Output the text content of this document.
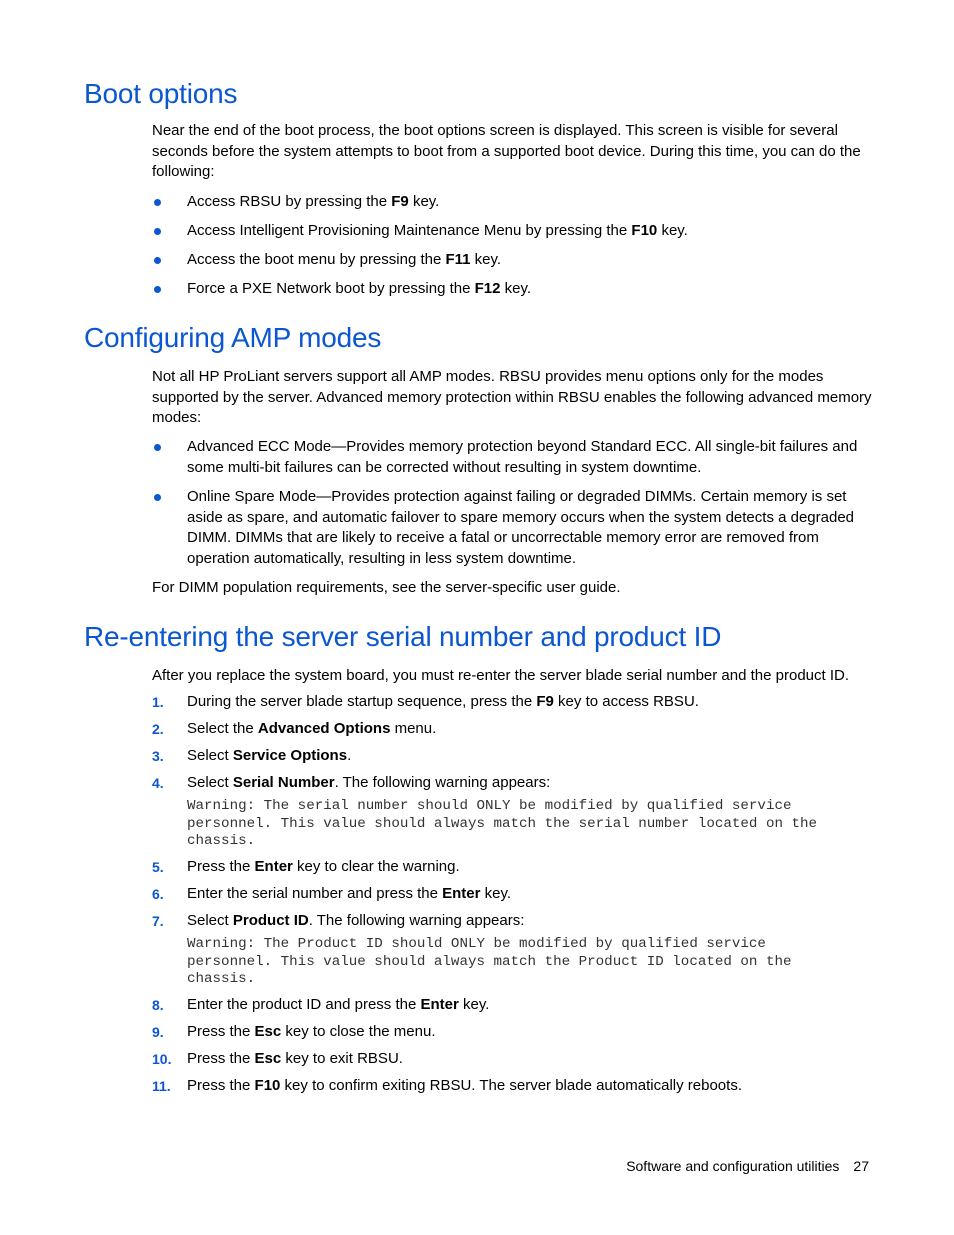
Boot options

Near the end of the boot process, the boot options screen is displayed. This screen is visible for several seconds before the system attempts to boot from a supported boot device. During this time, you can do the following:

Access RBSU by pressing the F9 key.
Access Intelligent Provisioning Maintenance Menu by pressing the F10 key.
Access the boot menu by pressing the F11 key.
Force a PXE Network boot by pressing the F12 key.
Configuring AMP modes

Not all HP ProLiant servers support all AMP modes. RBSU provides menu options only for the modes supported by the server. Advanced memory protection within RBSU enables the following advanced memory modes:

Advanced ECC Mode—Provides memory protection beyond Standard ECC. All single-bit failures and some multi-bit failures can be corrected without resulting in system downtime.
Online Spare Mode—Provides protection against failing or degraded DIMMs. Certain memory is set aside as spare, and automatic failover to spare memory occurs when the system detects a degraded DIMM. DIMMs that are likely to receive a fatal or uncorrectable memory error are removed from operation automatically, resulting in less system downtime.

For DIMM population requirements, see the server-specific user guide.

Re-entering the server serial number and product ID

After you replace the system board, you must re-enter the server blade serial number and the product ID.

1. During the server blade startup sequence, press the F9 key to access RBSU.
2. Select the Advanced Options menu.
3. Select Service Options.
4. Select Serial Number. The following warning appears:
Warning: The serial number should ONLY be modified by qualified service
personnel. This value should always match the serial number located on the
chassis.
5. Press the Enter key to clear the warning.
6. Enter the serial number and press the Enter key.
7. Select Product ID. The following warning appears:
Warning: The Product ID should ONLY be modified by qualified service
personnel. This value should always match the Product ID located on the
chassis.
8. Enter the product ID and press the Enter key.
9. Press the Esc key to close the menu.
10. Press the Esc key to exit RBSU.
11. Press the F10 key to confirm exiting RBSU. The server blade automatically reboots.
Software and configuration utilities 27
